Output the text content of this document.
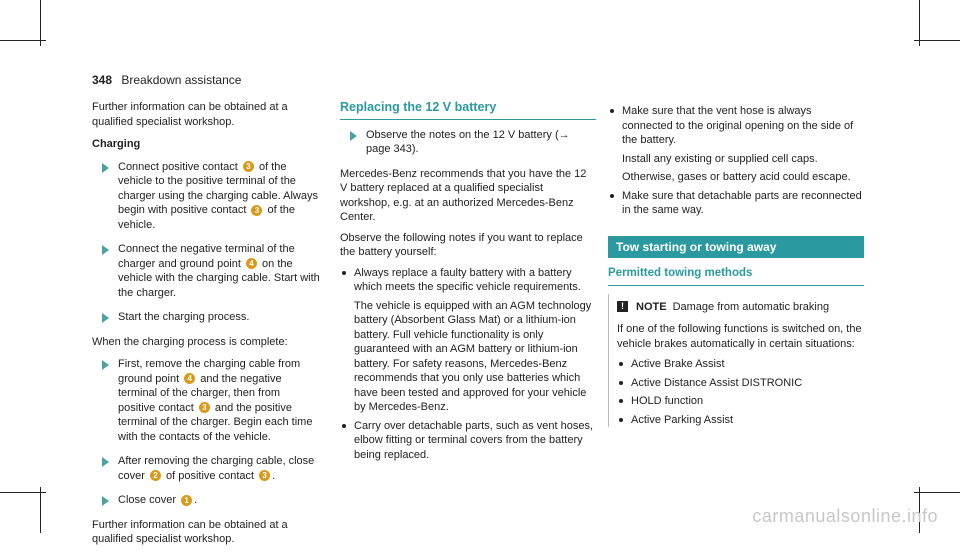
348 Breakdown assistance

Further information can be obtained at a qualified specialist workshop.

Charging
Connect positive contact 3 of the vehicle to the positive terminal of the charger using the charging cable. Always begin with positive contact 3 of the vehicle.
Connect the negative terminal of the charger and ground point 4 on the vehicle with the charging cable. Start with the charger.
Start the charging process.

When the charging process is complete:

First, remove the charging cable from ground point 4 and the negative terminal of the charger, then from positive contact 3 and the positive terminal of the charger. Begin each time with the contacts of the vehicle.
After removing the charging cable, close cover 2 of positive contact 3 .
Close cover 1 .

Further information can be obtained at a qualified specialist workshop.

Replacing the 12 V battery
Observe the notes on the 12 V battery (→ page 343).

Mercedes-Benz recommends that you have the 12 V battery replaced at a qualified specialist workshop, e.g. at an authorized Mercedes-Benz Center.

Observe the following notes if you want to replace the battery yourself:

Always replace a faulty battery with a battery which meets the specific vehicle requirements.

The vehicle is equipped with an AGM technology battery (Absorbent Glass Mat) or a lithium-ion battery. Full vehicle functionality is only guaranteed with an AGM battery or lithium-ion battery. For safety reasons, Mercedes-Benz recommends that you only use batteries which have been tested and approved for your vehicle by Mercedes-Benz.

Carry over detachable parts, such as vent hoses, elbow fitting or terminal covers from the battery being replaced.

Make sure that the vent hose is always connected to the original opening on the side of the battery.

Install any existing or supplied cell caps.

Otherwise, gases or battery acid could escape.

Make sure that detachable parts are reconnected in the same way.

Tow starting or towing away
Permitted towing methods
!	NOTE Damage from automatic braking

If one of the following functions is switched on, the vehicle brakes automatically in certain situations:

Active Brake Assist
Active Distance Assist DISTRONIC
HOLD function
Active Parking Assist
carmanualsonline.info
